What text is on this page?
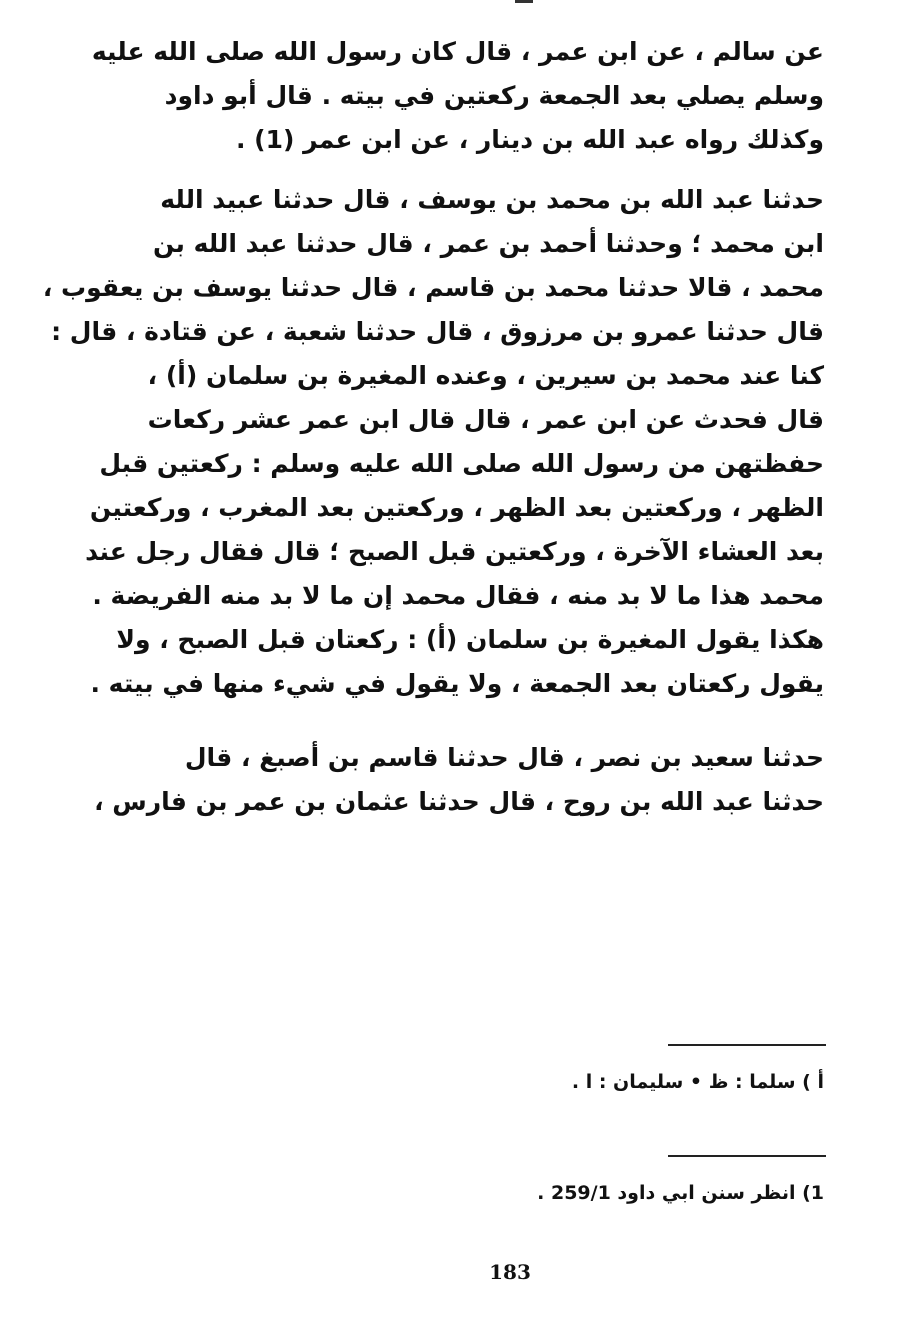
عن سالم ، عن ابن عمر ، قال كان رسول الله صلى الله عليه
وسلم يصلي بعد الجمعة ركعتين في بيته . قال أبو داود
وكذلك رواه عبد الله بن دينار ، عن ابن عمر (1) .
حدثنا عبد الله بن محمد بن يوسف ، قال حدثنا عبيد الله
ابن محمد ؛ وحدثنا أحمد بن عمر ، قال حدثنا عبد الله بن
محمد ، قالا حدثنا محمد بن قاسم ، قال حدثنا يوسف بن يعقوب ،
قال حدثنا عمرو بن مرزوق ، قال حدثنا شعبة ، عن قتادة ، قال :
كنا عند محمد بن سيرين ، وعنده المغيرة بن سلمان (أ) ،
قال فحدث عن ابن عمر ، قال قال ابن عمر عشر ركعات
حفظتهن من رسول الله صلى الله عليه وسلم : ركعتين قبل
الظهر ، وركعتين بعد الظهر ، وركعتين بعد المغرب ، وركعتين
بعد العشاء الآخرة ، وركعتين قبل الصبح ؛ قال فقال رجل عند
محمد هذا ما لا بد منه ، فقال محمد إن ما لا بد منه الفريضة .
هكذا يقول المغيرة بن سلمان (أ) : ركعتان قبل الصبح ، ولا
يقول ركعتان بعد الجمعة ، ولا يقول في شيء منها في بيته .
حدثنا سعيد بن نصر ، قال حدثنا قاسم بن أصبغ ، قال
حدثنا عبد الله بن روح ، قال حدثنا عثمان بن عمر بن فارس ،
أ ) سلما : ظ • سليمان : ا .
1) انظر سنن ابي داود 259/1 .
183
